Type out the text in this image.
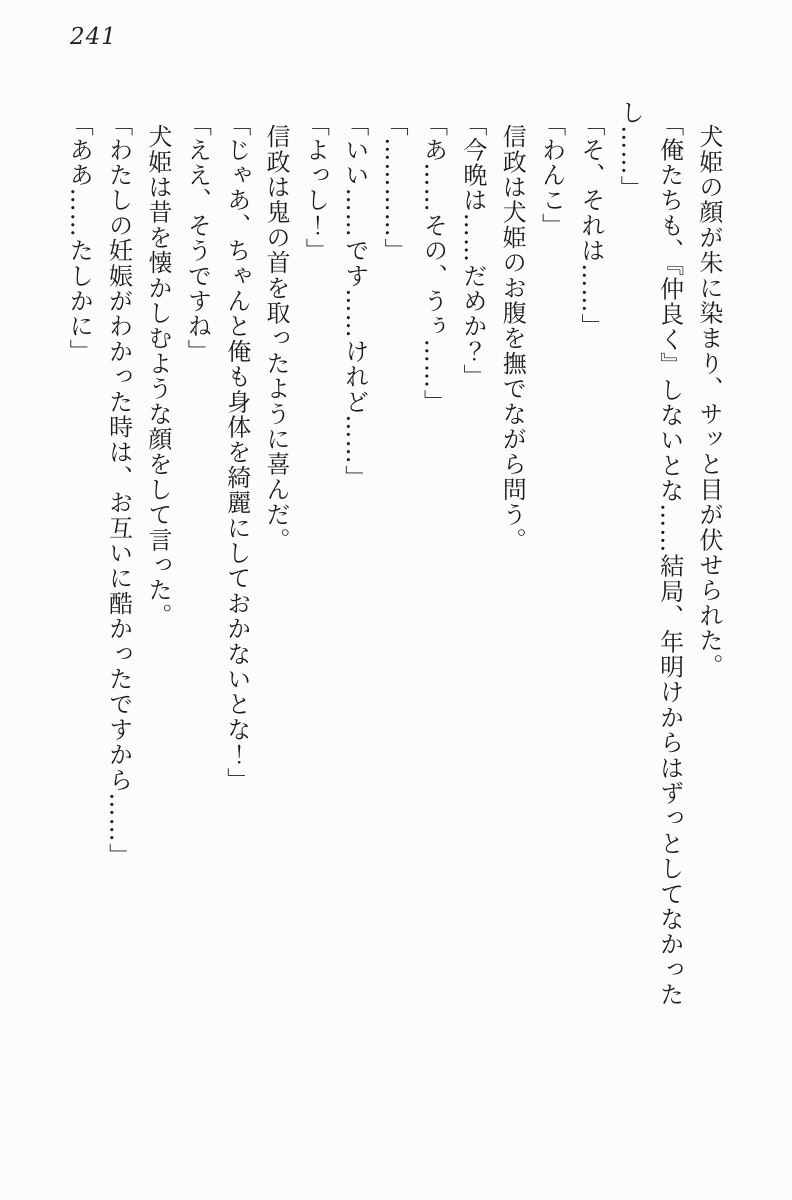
241

犬姫の顔が朱に染まり、サッと目が伏せられた。

「俺たちも、『仲良く』しないとな……結局、年明けからはずっとしてなかったし……」

「そ、それは……」

「わんこ」

信政は犬姫のお腹を撫でながら問う。

「今晩は……だめか？」

「あ……その、うぅ……」

「…………」

「いい……です……けれど……」

「よっし！」

信政は鬼の首を取ったように喜んだ。

「じゃあ、ちゃんと俺も身体を綺麗にしておかないとな！」

「ええ、そうですね」

犬姫は昔を懐かしむような顔をして言った。

「わたしの妊娠がわかった時は、お互いに酷かったですから……」

「ああ……たしかに」
